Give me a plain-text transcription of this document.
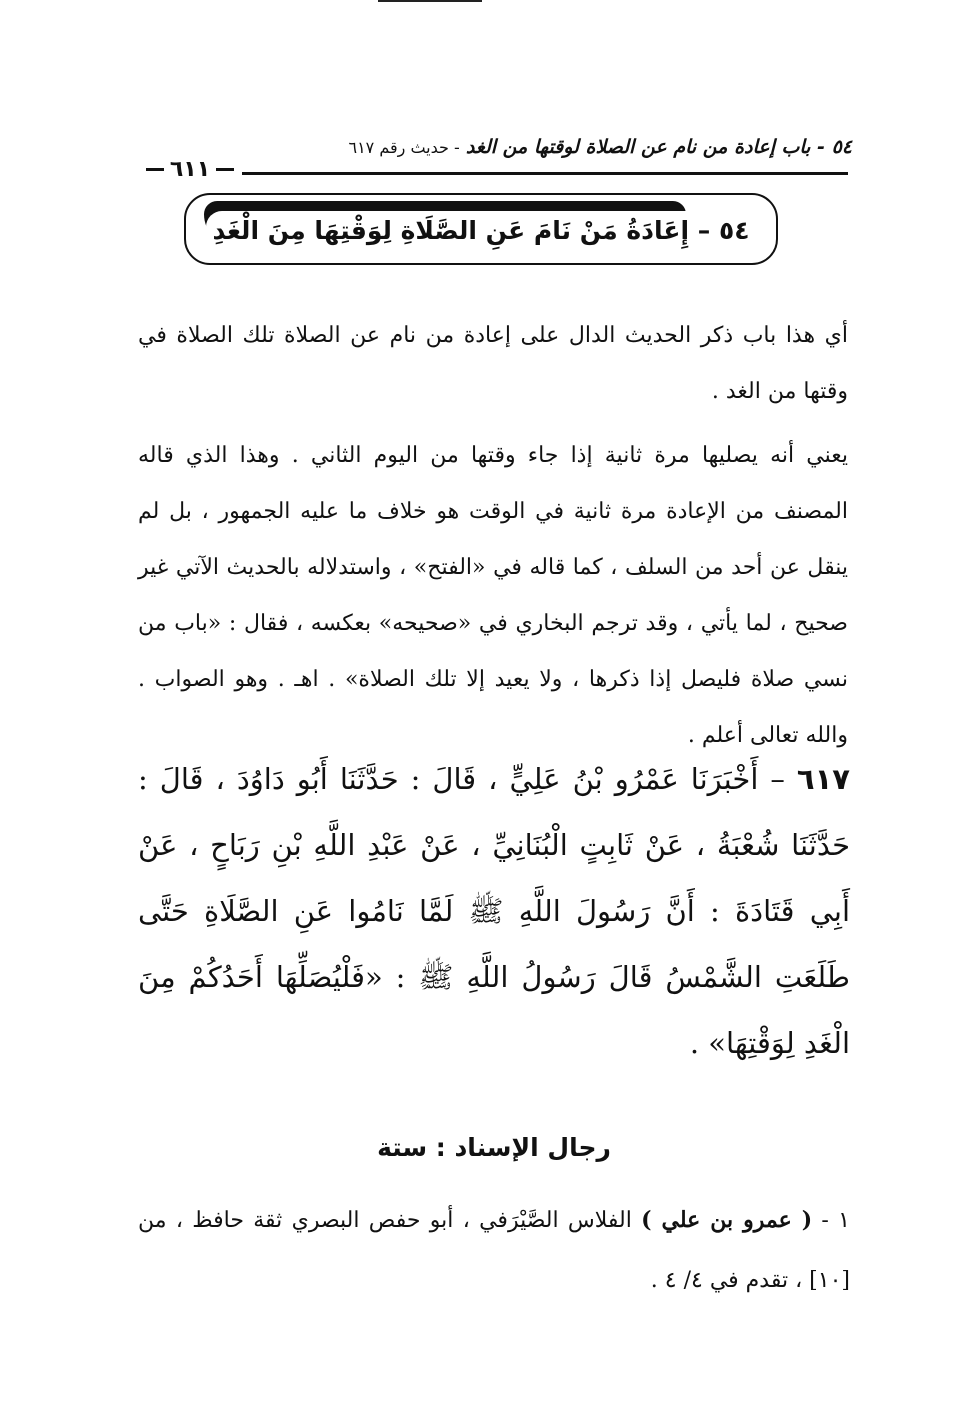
٥٤ - باب إعادة من نام عن الصلاة لوقتها من الغد - حديث رقم ٦١٧
٦١١
٥٤ – إِعَادَةُ مَنْ نَامَ عَنِ الصَّلَاةِ لِوَقْتِهَا مِنَ الْغَدِ

أي هذا باب ذكر الحديث الدال على إعادة من نام عن الصلاة تلك الصلاة في وقتها من الغد .

يعني أنه يصليها مرة ثانية إذا جاء وقتها من اليوم الثاني . وهذا الذي قاله المصنف من الإعادة مرة ثانية في الوقت هو خلاف ما عليه الجمهور ، بل لم ينقل عن أحد من السلف ، كما قاله في «الفتح» ، واستدلاله بالحديث الآتي غير صحيح ، لما يأتي ، وقد ترجم البخاري في «صحيحه» بعكسه ، فقال : «باب من نسي صلاة فليصل إذا ذكرها ، ولا يعيد إلا تلك الصلاة» . اهـ . وهو الصواب . والله تعالى أعلم .

٦١٧ – أَخْبَرَنَا عَمْرُو بْنُ عَلِيٍّ ، قَالَ : حَدَّثَنَا أَبُو دَاوُدَ ، قَالَ : حَدَّثَنَا شُعْبَةُ ، عَنْ ثَابِتٍ الْبُنَانِيِّ ، عَنْ عَبْدِ اللَّهِ بْنِ رَبَاحٍ ، عَنْ أَبِي قَتَادَةَ : أَنَّ رَسُولَ اللَّهِ ﷺ لَمَّا نَامُوا عَنِ الصَّلَاةِ حَتَّى طَلَعَتِ الشَّمْسُ قَالَ رَسُولُ اللَّهِ ﷺ : «فَلْيُصَلِّهَا أَحَدُكُمْ مِنَ الْغَدِ لِوَقْتِهَا» .

رجال الإسناد : ستة

١ - ( عمرو بن علي ) الفلاس الصَّيْرَفي ، أبو حفص البصري ثقة حافظ ، من [١٠] ، تقدم في ٤/ ٤ .
